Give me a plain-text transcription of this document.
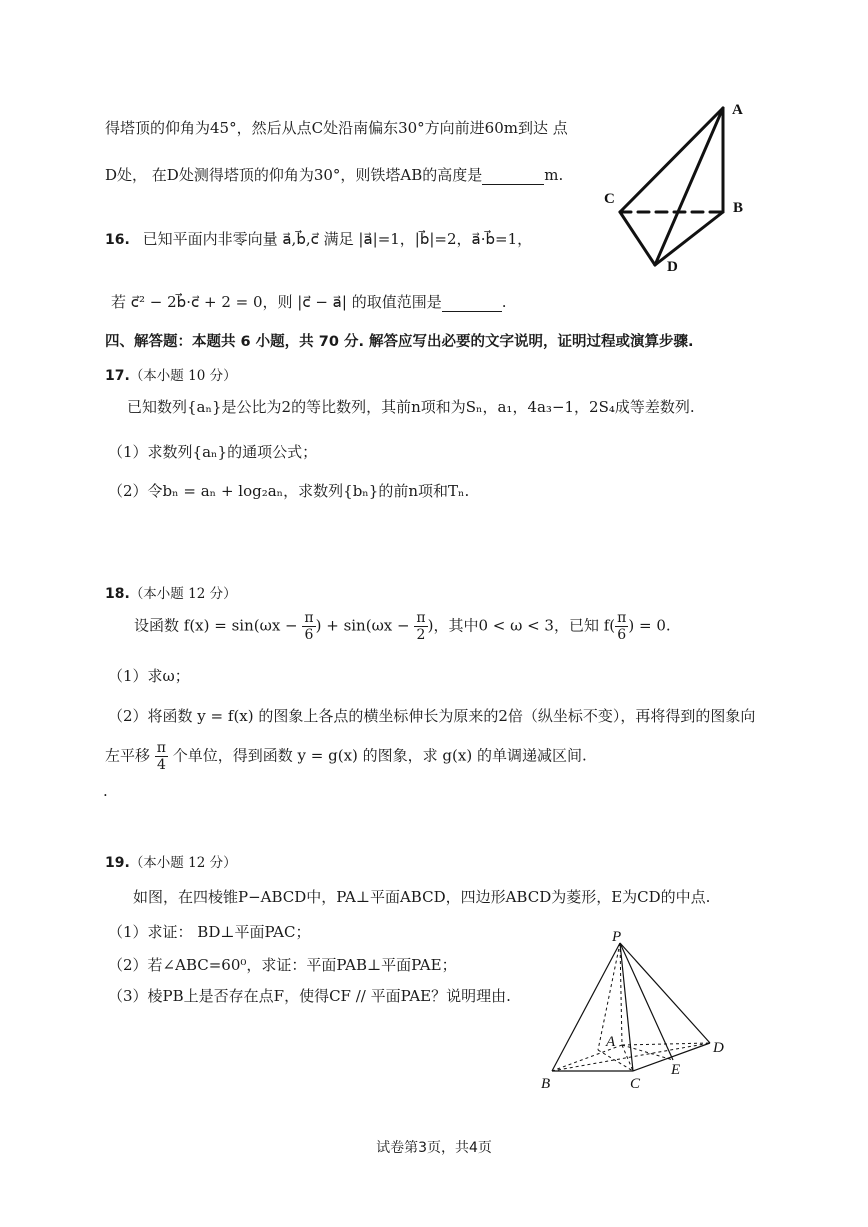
得塔顶的仰角为45°，然后从点C处沿南偏东30°方向前进60m到达 点
D处， 在D处测得塔顶的仰角为30°，则铁塔AB的高度是	m.
A
B
C
D
16. 已知平面内非零向量 a⃗,b⃗,c⃗ 满足 |a⃗|=1，|b⃗|=2，a⃗·b⃗=1，
若 c⃗² − 2b⃗·c⃗ + 2 = 0，则 |c⃗ − a⃗| 的取值范围是	.
四、解答题：本题共 6 小题，共 70 分. 解答应写出必要的文字说明，证明过程或演算步骤.
17.（本小题 10 分）
已知数列{aₙ}是公比为2的等比数列，其前n项和为Sₙ，a₁，4a₃−1，2S₄成等差数列.
（1）求数列{aₙ}的通项公式；
（2）令bₙ = aₙ + log₂aₙ，求数列{bₙ}的前n项和Tₙ.
18.（本小题 12 分）
设函数 $f(x) = \sin(\omega x - \frac{\pi}{6}$ ) + $\sin(\omega x - \frac{\pi}{2}$ )，其中0 < ω < 3，已知 $f( \frac{\pi}{6}$ ) = 0.
（1）求ω；
（2）将函数 y = f(x) 的图象上各点的横坐标伸长为原来的2倍（纵坐标不变），再将得到的图象向
左平移 $\frac{\pi}{4}$ 个单位，得到函数 y = g(x) 的图象，求 g(x) 的单调递减区间.
.
19.（本小题 12 分）
如图，在四棱锥P−ABCD中，PA⊥平面ABCD，四边形ABCD为菱形，E为CD的中点.
（1）求证： BD⊥平面PAC；
（2）若∠ABC=60⁰，求证：平面PAB⊥平面PAE；
（3）棱PB上是否存在点F，使得CF // 平面PAE？说明理由.
P
A
B	C
D
E
试卷第3页，共4页
